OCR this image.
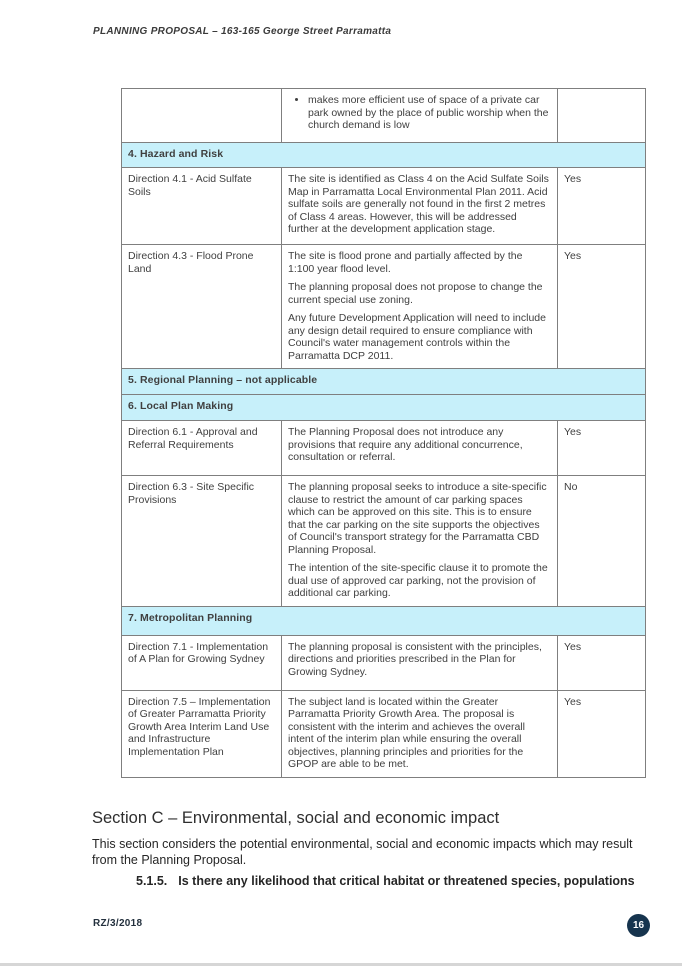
PLANNING PROPOSAL – 163-165 George Street Parramatta

• makes more efficient use of space of a private car park owned by the place of public worship when the church demand is low

4. Hazard and Risk		
Direction 4.1 - Acid Sulfate Soils	The site is identified as Class 4 on the Acid Sulfate Soils Map in Parramatta Local Environmental Plan 2011. Acid sulfate soils are generally not found in the first 2 metres of Class 4 areas. However, this will be addressed further at the development application stage.	Yes
Direction 4.3 - Flood Prone Land	The site is flood prone and partially affected by the 1:100 year flood level.

The planning proposal does not propose to change the current special use zoning.

Any future Development Application will need to include any design detail required to ensure compliance with Council's water management controls within the Parramatta DCP 2011.	Yes
5. Regional Planning – not applicable		
6. Local Plan Making		
Direction 6.1 - Approval and Referral Requirements	The Planning Proposal does not introduce any provisions that require any additional concurrence, consultation or referral.	Yes
Direction 6.3 - Site Specific Provisions	The planning proposal seeks to introduce a site-specific clause to restrict the amount of car parking spaces which can be approved on this site. This is to ensure that the car parking on the site supports the objectives of Council's transport strategy for the Parramatta CBD Planning Proposal.

The intention of the site-specific clause it to promote the dual use of approved car parking, not the provision of additional car parking.	No
7. Metropolitan Planning		
Direction 7.1 - Implementation of A Plan for Growing Sydney	The planning proposal is consistent with the principles, directions and priorities prescribed in the Plan for Growing Sydney.	Yes
Direction 7.5 – Implementation of Greater Parramatta Priority Growth Area Interim Land Use and Infrastructure Implementation Plan	The subject land is located within the Greater Parramatta Priority Growth Area. The proposal is consistent with the interim and achieves the overall intent of the interim plan while ensuring the overall objectives, planning principles and priorities for the GPOP are able to be met.	Yes
Section C – Environmental, social and economic impact
This section considers the potential environmental, social and economic impacts which may result from the Planning Proposal.
5.1.5. Is there any likelihood that critical habitat or threatened species, populations
RZ/3/2018	16
